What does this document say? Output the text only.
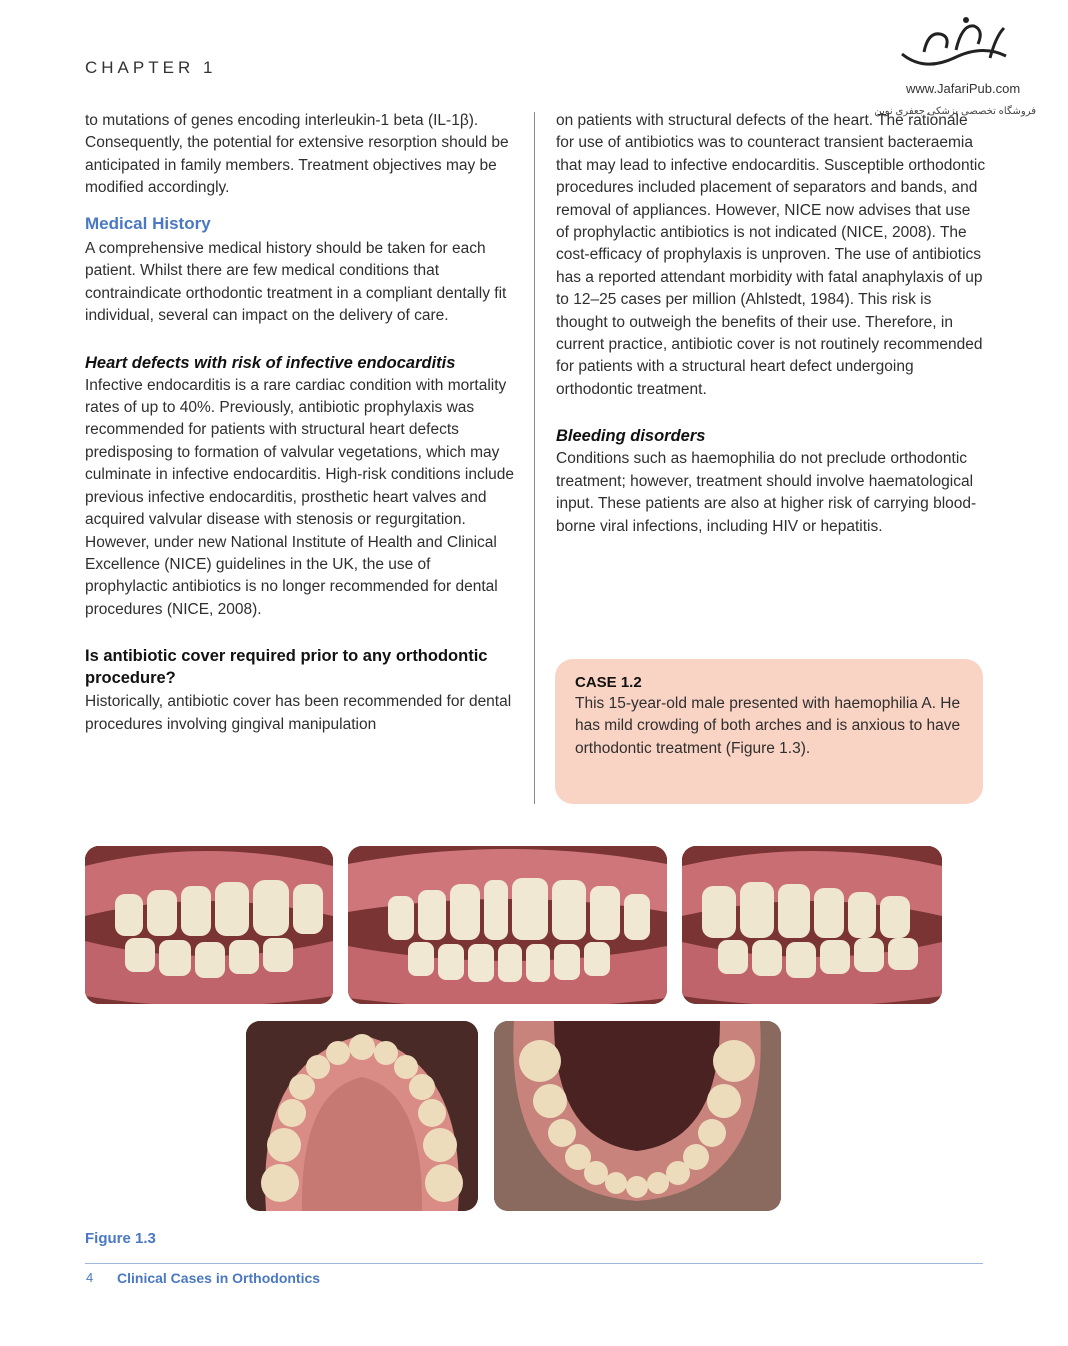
CHAPTER 1
www.JafariPub.com
فروشگاه تخصصی پزشکی جعفری نوین

to mutations of genes encoding interleukin-1 beta (IL-1β). Consequently, the potential for extensive resorption should be anticipated in family members. Treatment objectives may be modified accordingly.

Medical History

A comprehensive medical history should be taken for each patient. Whilst there are few medical conditions that contraindicate orthodontic treatment in a compliant dentally fit individual, several can impact on the delivery of care.

Heart defects with risk of infective endocarditis

Infective endocarditis is a rare cardiac condition with mortality rates of up to 40%. Previously, antibiotic prophylaxis was recommended for patients with structural heart defects predisposing to formation of valvular vegetations, which may culminate in infective endocarditis. High-risk conditions include previous infective endocarditis, prosthetic heart valves and acquired valvular disease with stenosis or regurgitation. However, under new National Institute of Health and Clinical Excellence (NICE) guidelines in the UK, the use of prophylactic antibiotics is no longer recommended for dental procedures (NICE, 2008).

Is antibiotic cover required prior to any orthodontic procedure?

Historically, antibiotic cover has been recommended for dental procedures involving gingival manipulation

on patients with structural defects of the heart. The rationale for use of antibiotics was to counteract transient bacteraemia that may lead to infective endocarditis. Susceptible orthodontic procedures included placement of separators and bands, and removal of appliances. However, NICE now advises that use of prophylactic antibiotics is not indicated (NICE, 2008). The cost-efficacy of prophylaxis is unproven. The use of antibiotics has a reported attendant morbidity with fatal anaphylaxis of up to 12–25 cases per million (Ahlstedt, 1984). This risk is thought to outweigh the benefits of their use. Therefore, in current practice, antibiotic cover is not routinely recommended for patients with a structural heart defect undergoing orthodontic treatment.

Bleeding disorders

Conditions such as haemophilia do not preclude orthodontic treatment; however, treatment should involve haematological input. These patients are also at higher risk of carrying blood-borne viral infections, including HIV or hepatitis.

CASE 1.2
This 15-year-old male presented with haemophilia A. He has mild crowding of both arches and is anxious to have orthodontic treatment (Figure 1.3).
Figure 1.3
4 Clinical Cases in Orthodontics
